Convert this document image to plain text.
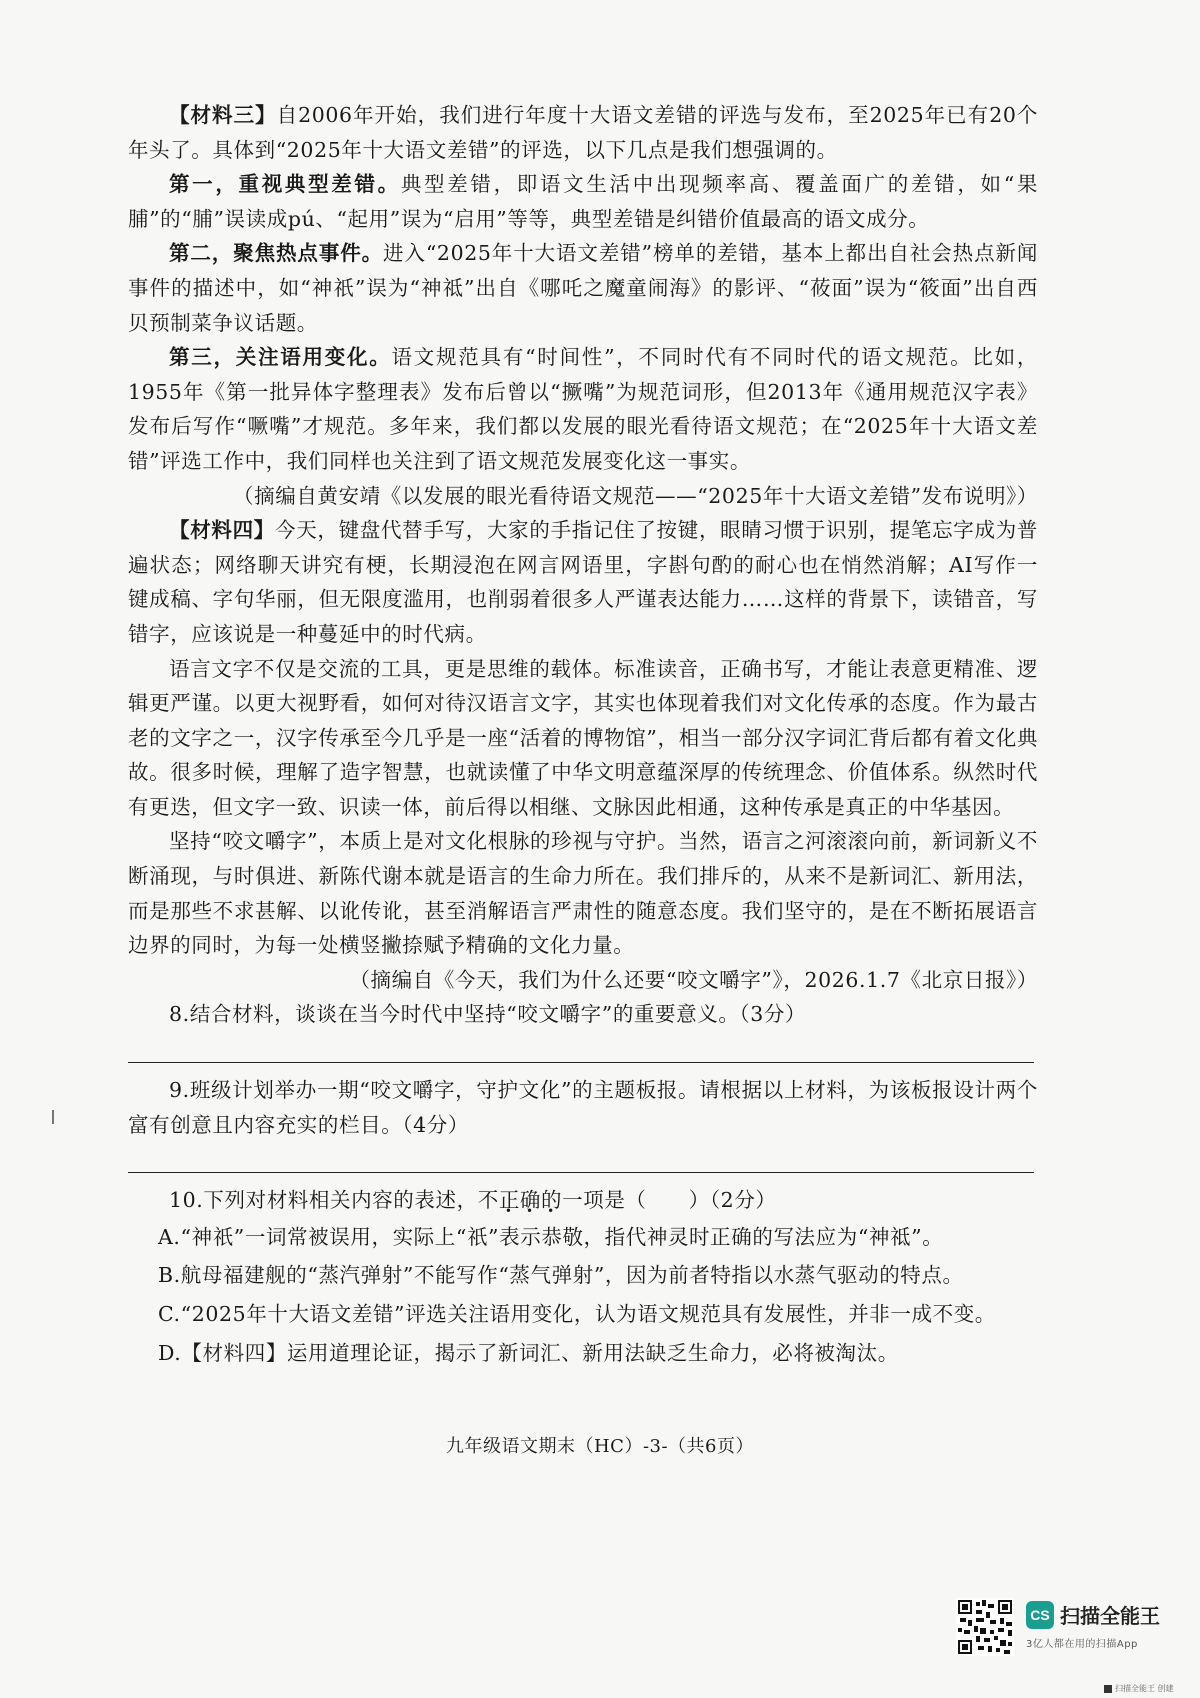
【材料三】自2006年开始，我们进行年度十大语文差错的评选与发布，至2025年已有20个年头了。具体到“2025年十大语文差错”的评选，以下几点是我们想强调的。

第一，重视典型差错。典型差错，即语文生活中出现频率高、覆盖面广的差错，如“果脯”的“脯”误读成pú、“起用”误为“启用”等等，典型差错是纠错价值最高的语文成分。

第二，聚焦热点事件。进入“2025年十大语文差错”榜单的差错，基本上都出自社会热点新闻事件的描述中，如“神祇”误为“神祗”出自《哪吒之魔童闹海》的影评、“莜面”误为“筱面”出自西贝预制菜争议话题。

第三，关注语用变化。语文规范具有“时间性”，不同时代有不同时代的语文规范。比如，1955年《第一批异体字整理表》发布后曾以“撅嘴”为规范词形，但2013年《通用规范汉字表》发布后写作“噘嘴”才规范。多年来，我们都以发展的眼光看待语文规范；在“2025年十大语文差错”评选工作中，我们同样也关注到了语文规范发展变化这一事实。

（摘编自黄安靖《以发展的眼光看待语文规范——“2025年十大语文差错”发布说明》）

【材料四】今天，键盘代替手写，大家的手指记住了按键，眼睛习惯于识别，提笔忘字成为普遍状态；网络聊天讲究有梗，长期浸泡在网言网语里，字斟句酌的耐心也在悄然消解；AI写作一键成稿、字句华丽，但无限度滥用，也削弱着很多人严谨表达能力……这样的背景下，读错音，写错字，应该说是一种蔓延中的时代病。

语言文字不仅是交流的工具，更是思维的载体。标准读音，正确书写，才能让表意更精准、逻辑更严谨。以更大视野看，如何对待汉语言文字，其实也体现着我们对文化传承的态度。作为最古老的文字之一，汉字传承至今几乎是一座“活着的博物馆”，相当一部分汉字词汇背后都有着文化典故。很多时候，理解了造字智慧，也就读懂了中华文明意蕴深厚的传统理念、价值体系。纵然时代有更迭，但文字一致、识读一体，前后得以相继、文脉因此相通，这种传承是真正的中华基因。

坚持“咬文嚼字”，本质上是对文化根脉的珍视与守护。当然，语言之河滚滚向前，新词新义不断涌现，与时俱进、新陈代谢本就是语言的生命力所在。我们排斥的，从来不是新词汇、新用法，而是那些不求甚解、以讹传讹，甚至消解语言严肃性的随意态度。我们坚守的，是在不断拓展语言边界的同时，为每一处横竖撇捺赋予精确的文化力量。

（摘编自《今天，我们为什么还要“咬文嚼字”》，2026.1.7《北京日报》）

8.结合材料，谈谈在当今时代中坚持“咬文嚼字”的重要意义。（3分）

9.班级计划举办一期“咬文嚼字，守护文化”的主题板报。请根据以上材料，为该板报设计两个富有创意且内容充实的栏目。（4分）

10.下列对材料相关内容的表述，不正确的一项是（　　）（2分）

A.“神祇”一词常被误用，实际上“祇”表示恭敬，指代神灵时正确的写法应为“神祗”。
B.航母福建舰的“蒸汽弹射”不能写作“蒸气弹射”，因为前者特指以水蒸气驱动的特点。
C.“2025年十大语文差错”评选关注语用变化，认为语文规范具有发展性，并非一成不变。
D.【材料四】运用道理论证，揭示了新词汇、新用法缺乏生命力，必将被淘汰。
九年级语文期末（HC）-3-（共6页）
CS 扫描全能王
3亿人都在用的扫描App
扫描全能王 创建
